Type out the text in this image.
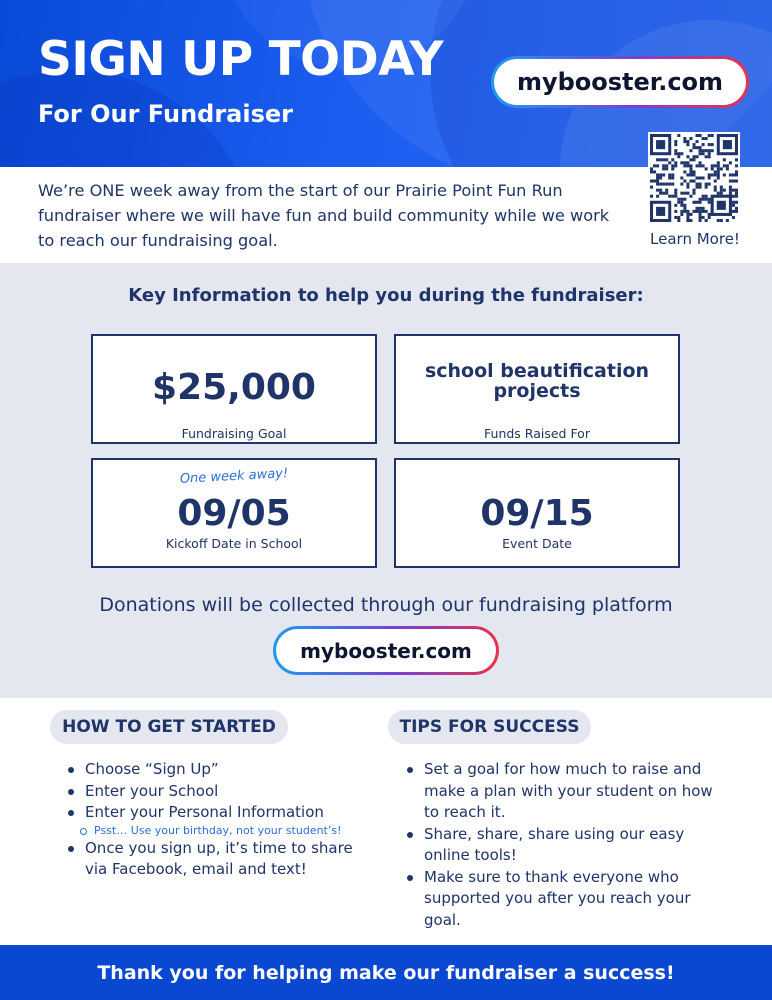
SIGN UP TODAY
For Our Fundraiser
mybooster.com
We’re ONE week away from the start of our Prairie Point Fun Run fundraiser where we will have fun and build community while we work to reach our fundraising goal.	Learn More!
Key Information to help you during the fundraiser:
$25,000
Fundraising Goal
school beautification projects
Funds Raised For
One week away!
09/05
Kickoff Date in School
09/15
Event Date
Donations will be collected through our fundraising platform
mybooster.com
HOW TO GET STARTED	TIPS FOR SUCCESS
Choose “Sign Up”
Enter your School
Enter your Personal Information
Psst… Use your birthday, not your student’s!
Once you sign up, it’s time to share via Facebook, email and text!
Set a goal for how much to raise and make a plan with your student on how to reach it.
Share, share, share using our easy online tools!
Make sure to thank everyone who supported you after you reach your goal.
Thank you for helping make our fundraiser a success!
